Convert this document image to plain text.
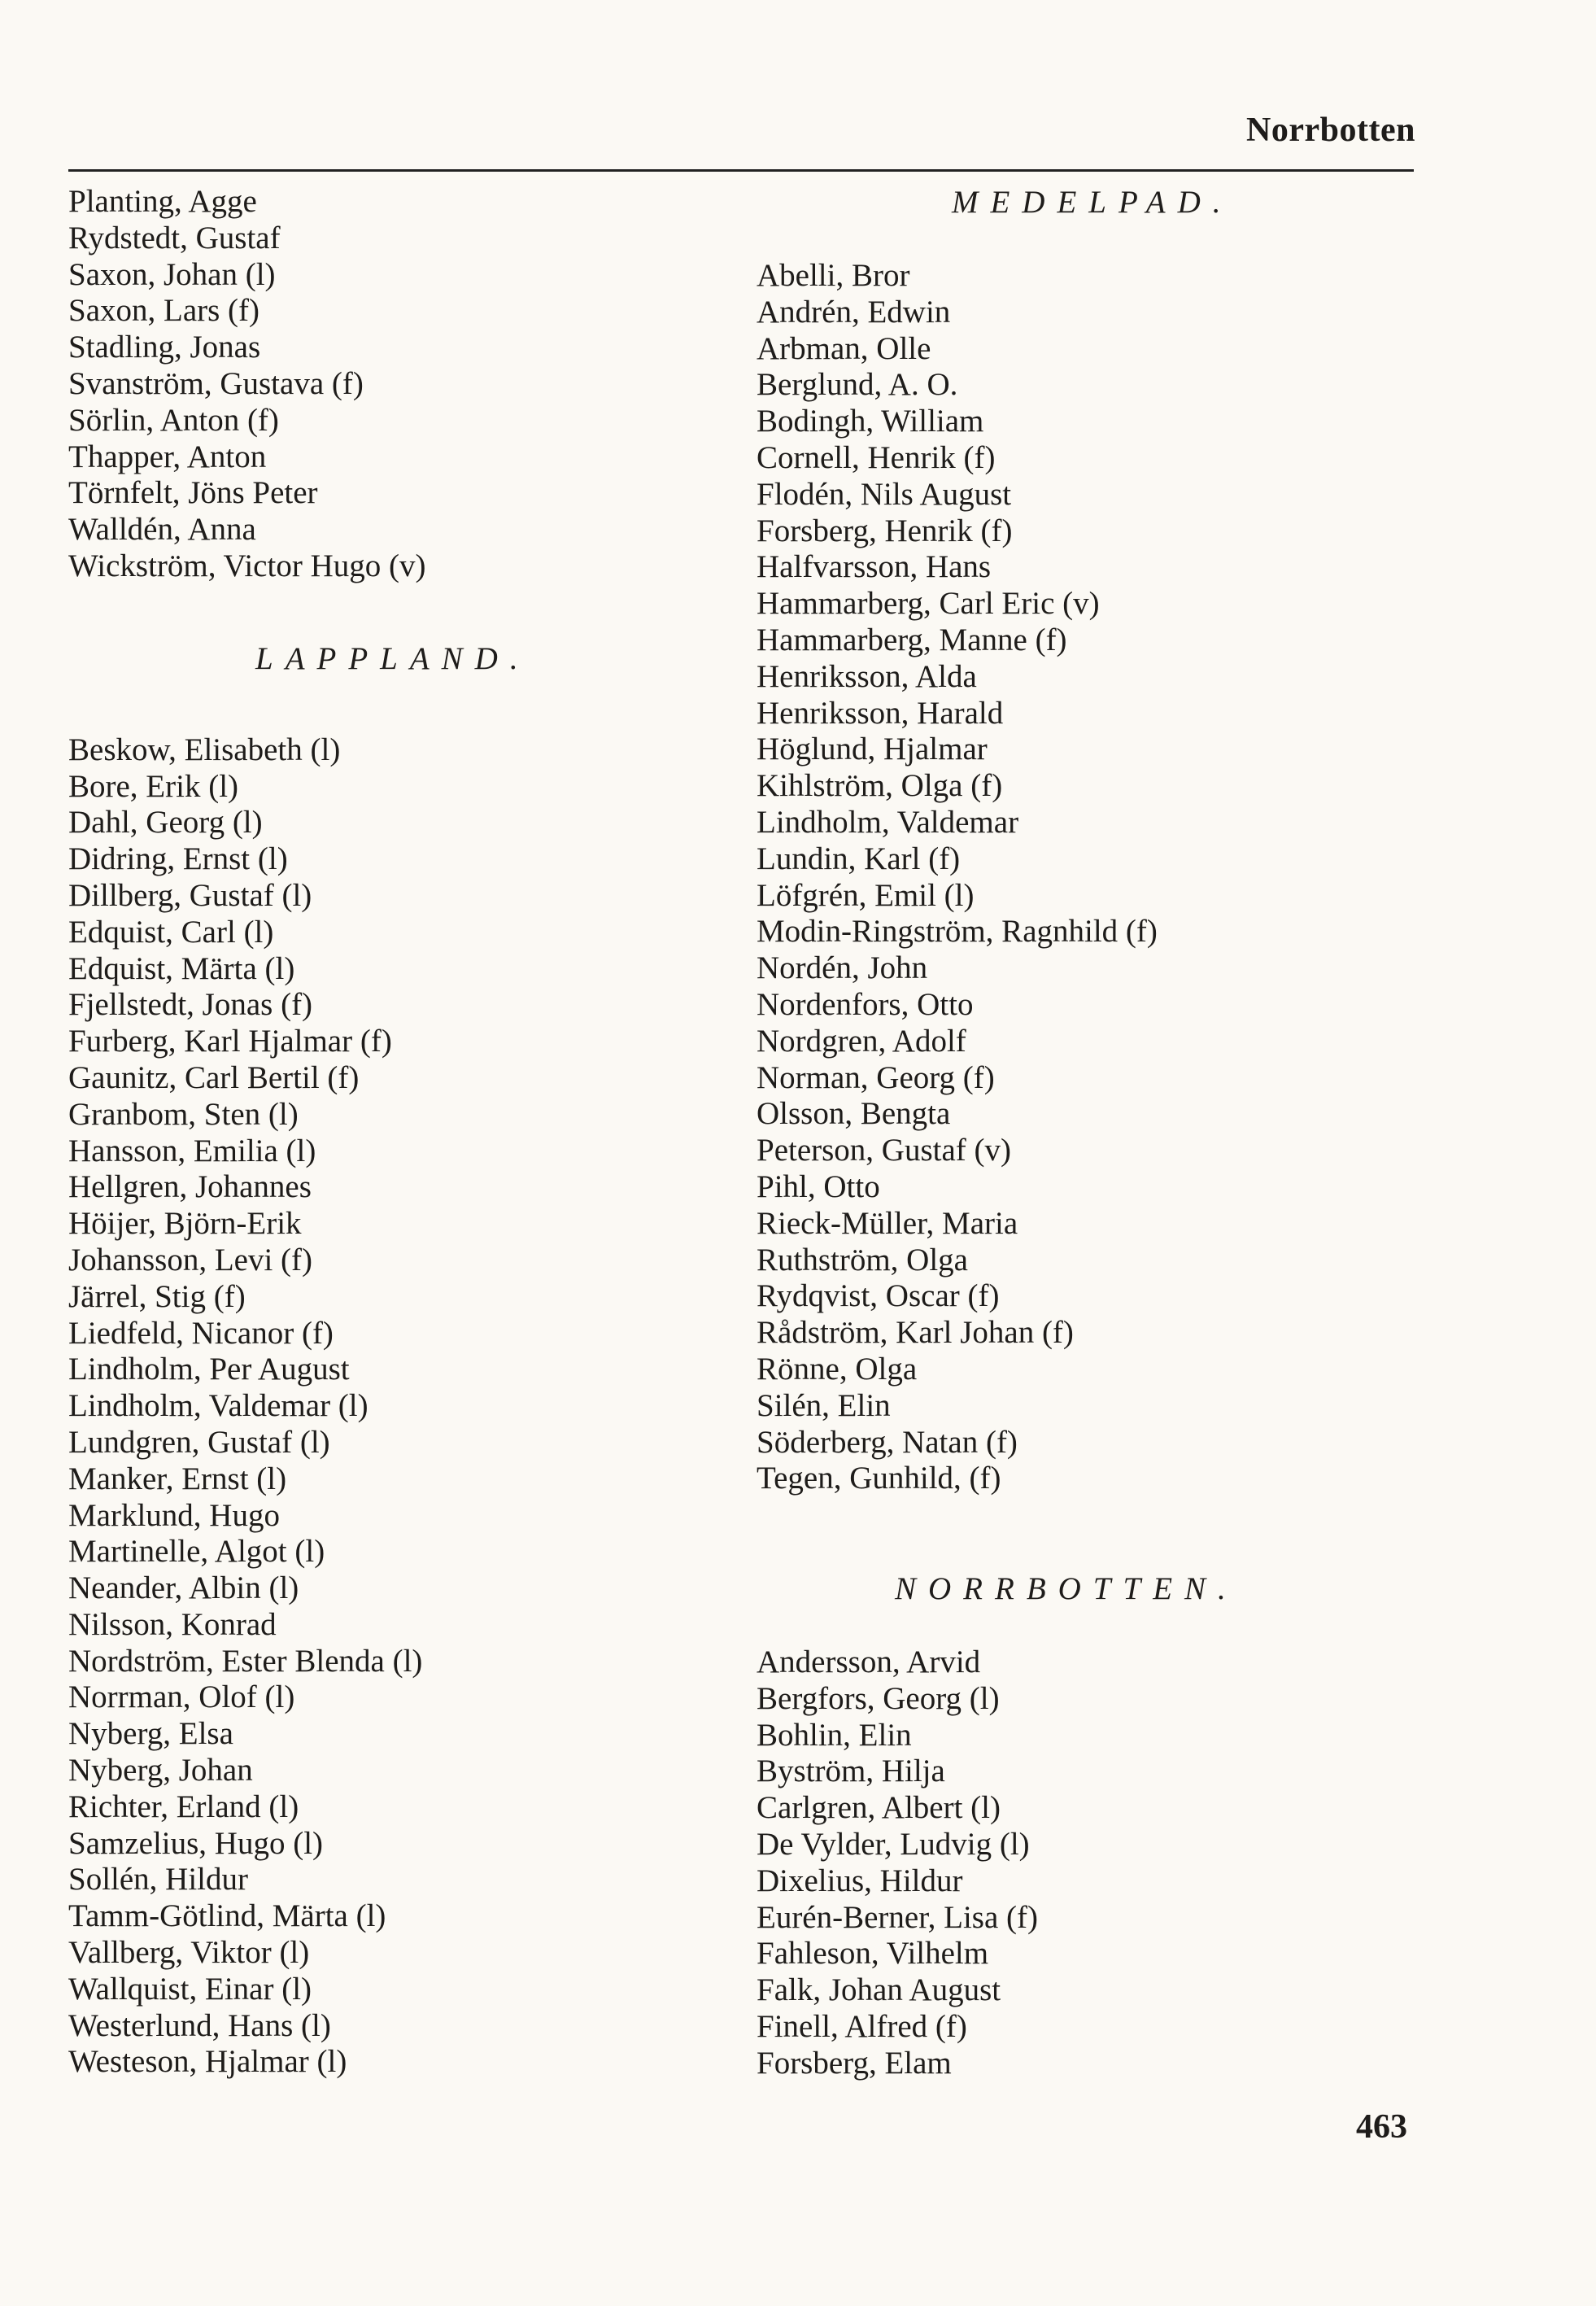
Norrbotten
Planting, Agge
Rydstedt, Gustaf
Saxon, Johan (l)
Saxon, Lars (f)
Stadling, Jonas
Svanström, Gustava (f)
Sörlin, Anton (f)
Thapper, Anton
Törnfelt, Jöns Peter
Walldén, Anna
Wickström, Victor Hugo (v)
LAPPLAND.
Beskow, Elisabeth (l)
Bore, Erik (l)
Dahl, Georg (l)
Didring, Ernst (l)
Dillberg, Gustaf (l)
Edquist, Carl (l)
Edquist, Märta (l)
Fjellstedt, Jonas (f)
Furberg, Karl Hjalmar (f)
Gaunitz, Carl Bertil (f)
Granbom, Sten (l)
Hansson, Emilia (l)
Hellgren, Johannes
Höijer, Björn-Erik
Johansson, Levi (f)
Järrel, Stig (f)
Liedfeld, Nicanor (f)
Lindholm, Per August
Lindholm, Valdemar (l)
Lundgren, Gustaf (l)
Manker, Ernst (l)
Marklund, Hugo
Martinelle, Algot (l)
Neander, Albin (l)
Nilsson, Konrad
Nordström, Ester Blenda (l)
Norrman, Olof (l)
Nyberg, Elsa
Nyberg, Johan
Richter, Erland (l)
Samzelius, Hugo (l)
Sollén, Hildur
Tamm-Götlind, Märta (l)
Vallberg, Viktor (l)
Wallquist, Einar (l)
Westerlund, Hans (l)
Westeson, Hjalmar (l)
MEDELPAD.
Abelli, Bror
Andrén, Edwin
Arbman, Olle
Berglund, A. O.
Bodingh, William
Cornell, Henrik (f)
Flodén, Nils August
Forsberg, Henrik (f)
Halfvarsson, Hans
Hammarberg, Carl Eric (v)
Hammarberg, Manne (f)
Henriksson, Alda
Henriksson, Harald
Höglund, Hjalmar
Kihlström, Olga (f)
Lindholm, Valdemar
Lundin, Karl (f)
Löfgrén, Emil (l)
Modin-Ringström, Ragnhild (f)
Nordén, John
Nordenfors, Otto
Nordgren, Adolf
Norman, Georg (f)
Olsson, Bengta
Peterson, Gustaf (v)
Pihl, Otto
Rieck-Müller, Maria
Ruthström, Olga
Rydqvist, Oscar (f)
Rådström, Karl Johan (f)
Rönne, Olga
Silén, Elin
Söderberg, Natan (f)
Tegen, Gunhild, (f)
NORRBOTTEN.
Andersson, Arvid
Bergfors, Georg (l)
Bohlin, Elin
Byström, Hilja
Carlgren, Albert (l)
De Vylder, Ludvig (l)
Dixelius, Hildur
Eurén-Berner, Lisa (f)
Fahleson, Vilhelm
Falk, Johan August
Finell, Alfred (f)
Forsberg, Elam
463
